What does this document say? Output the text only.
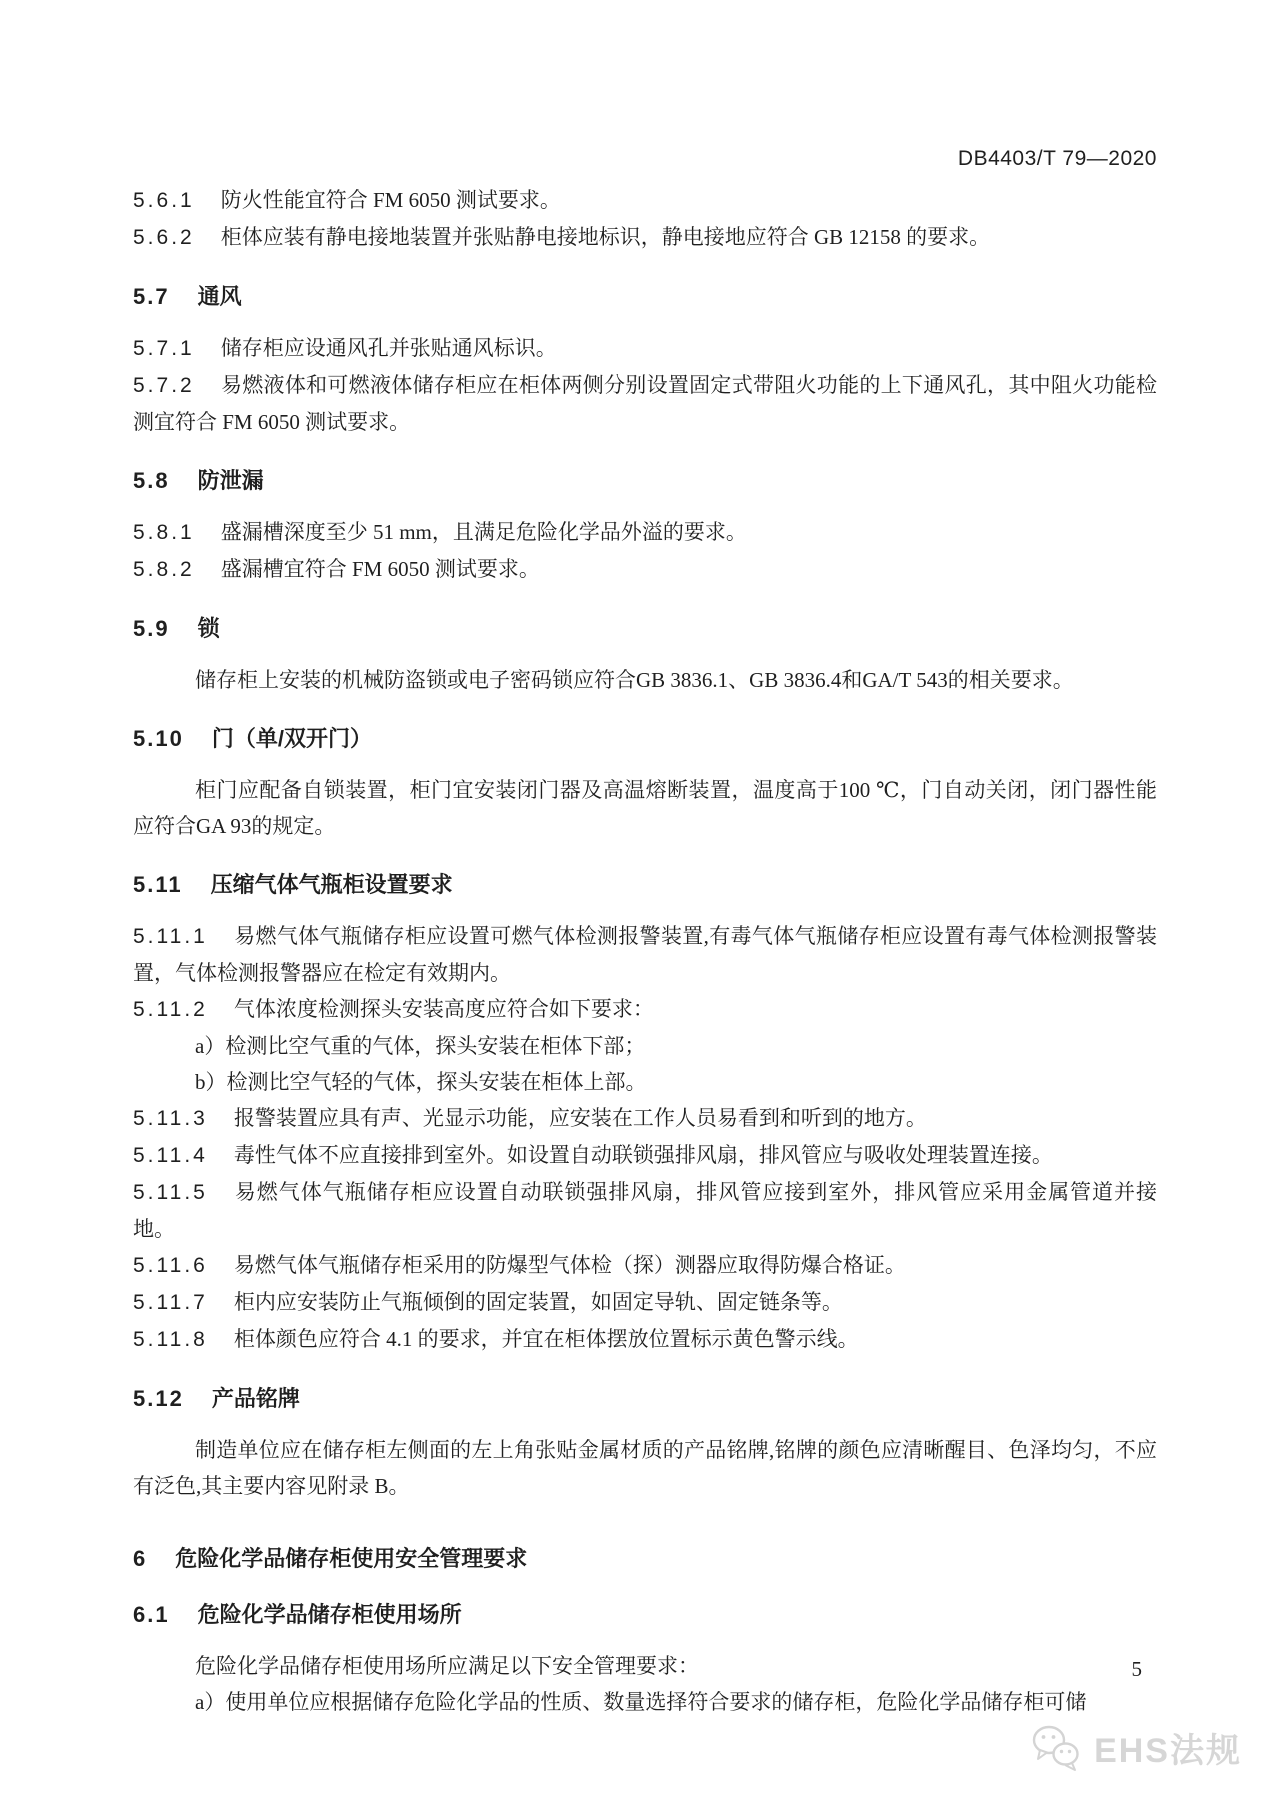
DB4403/T 79—2020

5.6.1 防火性能宜符合 FM 6050 测试要求。

5.6.2 柜体应装有静电接地装置并张贴静电接地标识，静电接地应符合 GB 12158 的要求。

5.7 通风

5.7.1 储存柜应设通风孔并张贴通风标识。

5.7.2 易燃液体和可燃液体储存柜应在柜体两侧分别设置固定式带阻火功能的上下通风孔，其中阻火功能检测宜符合 FM 6050 测试要求。

5.8 防泄漏

5.8.1 盛漏槽深度至少 51 mm，且满足危险化学品外溢的要求。

5.8.2 盛漏槽宜符合 FM 6050 测试要求。

5.9 锁

储存柜上安装的机械防盗锁或电子密码锁应符合GB 3836.1、GB 3836.4和GA/T 543的相关要求。

5.10 门（单/双开门）

柜门应配备自锁装置，柜门宜安装闭门器及高温熔断装置，温度高于100 ℃，门自动关闭，闭门器性能应符合GA 93的规定。

5.11 压缩气体气瓶柜设置要求

5.11.1 易燃气体气瓶储存柜应设置可燃气体检测报警装置,有毒气体气瓶储存柜应设置有毒气体检测报警装置，气体检测报警器应在检定有效期内。

5.11.2 气体浓度检测探头安装高度应符合如下要求：

a）检测比空气重的气体，探头安装在柜体下部；

b）检测比空气轻的气体，探头安装在柜体上部。

5.11.3 报警装置应具有声、光显示功能，应安装在工作人员易看到和听到的地方。

5.11.4 毒性气体不应直接排到室外。如设置自动联锁强排风扇，排风管应与吸收处理装置连接。

5.11.5 易燃气体气瓶储存柜应设置自动联锁强排风扇，排风管应接到室外，排风管应采用金属管道并接地。

5.11.6 易燃气体气瓶储存柜采用的防爆型气体检（探）测器应取得防爆合格证。

5.11.7 柜内应安装防止气瓶倾倒的固定装置，如固定导轨、固定链条等。

5.11.8 柜体颜色应符合 4.1 的要求，并宜在柜体摆放位置标示黄色警示线。

5.12 产品铭牌

制造单位应在储存柜左侧面的左上角张贴金属材质的产品铭牌,铭牌的颜色应清晰醒目、色泽均匀，不应有泛色,其主要内容见附录 B。

6 危险化学品储存柜使用安全管理要求
6.1 危险化学品储存柜使用场所

危险化学品储存柜使用场所应满足以下安全管理要求：

a）使用单位应根据储存危险化学品的性质、数量选择符合要求的储存柜，危险化学品储存柜可储

5
EHS法规
